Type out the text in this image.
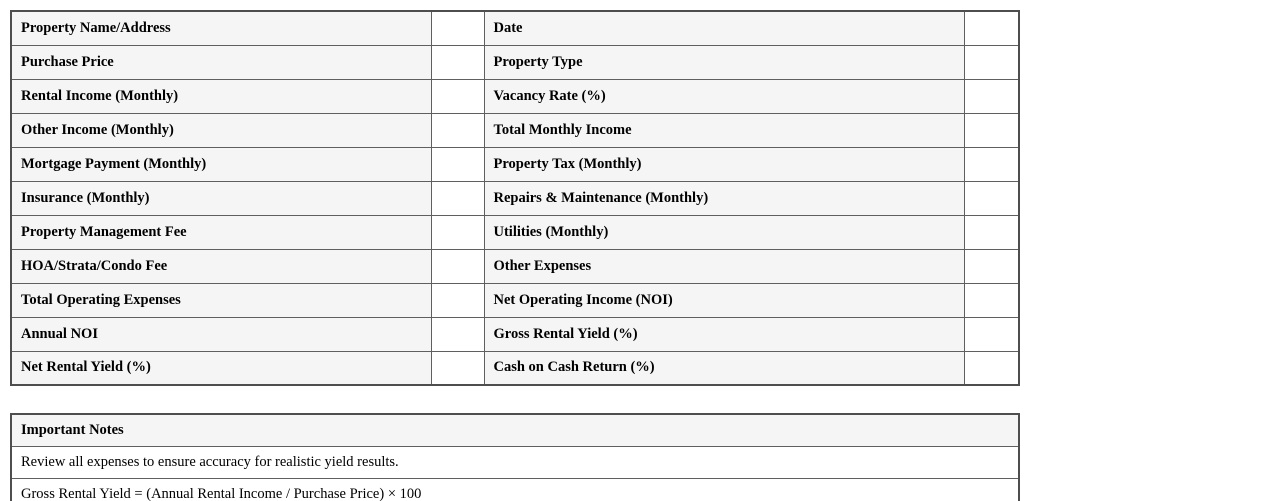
Property Name/Address		Date	
Purchase Price		Property Type	
Rental Income (Monthly)		Vacancy Rate (%)	
Other Income (Monthly)		Total Monthly Income	
Mortgage Payment (Monthly)		Property Tax (Monthly)	
Insurance (Monthly)		Repairs & Maintenance (Monthly)	
Property Management Fee		Utilities (Monthly)	
HOA/Strata/Condo Fee		Other Expenses	
Total Operating Expenses		Net Operating Income (NOI)	
Annual NOI		Gross Rental Yield (%)	
Net Rental Yield (%)		Cash on Cash Return (%)	
Important Notes
Review all expenses to ensure accuracy for realistic yield results.
Gross Rental Yield = (Annual Rental Income / Purchase Price) × 100
